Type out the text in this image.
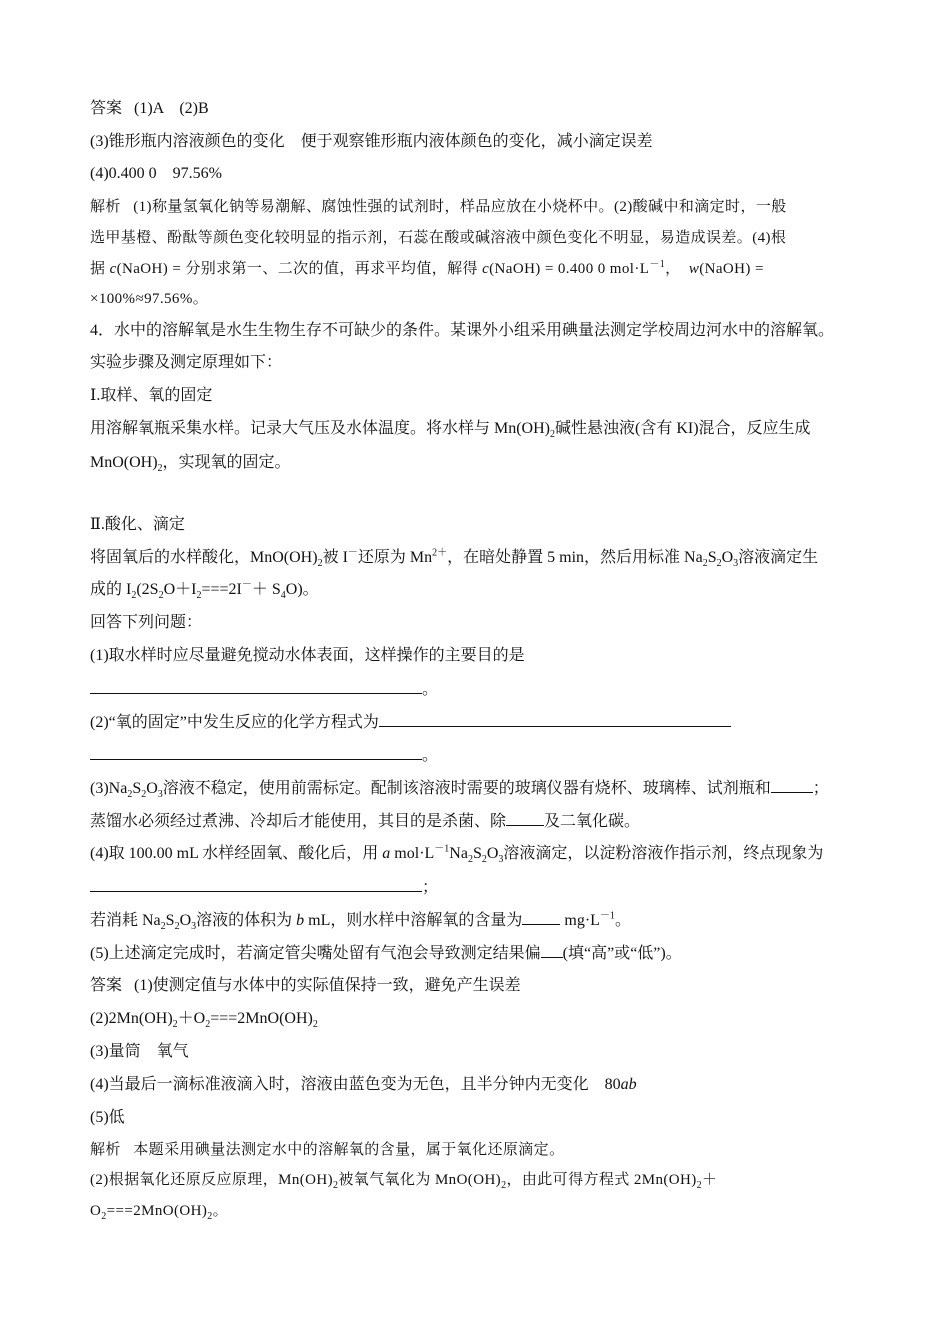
答案 (1)A　(2)B
(3)锥形瓶内溶液颜色的变化　便于观察锥形瓶内液体颜色的变化，减小滴定误差
(4)0.400 0　97.56%
解析 (1)称量氢氧化钠等易潮解、腐蚀性强的试剂时，样品应放在小烧杯中。(2)酸碱中和滴定时，一般
选甲基橙、酚酞等颜色变化较明显的指示剂，石蕊在酸或碱溶液中颜色变化不明显，易造成误差。(4)根
据 c(NaOH) = 分别求第一、二次的值，再求平均值，解得 c(NaOH) = 0.400 0 $mol\cdot L^{-1}$， w(NaOH) =
×100%≈97.56%。
4．水中的溶解氧是水生生物生存不可缺少的条件。某课外小组采用碘量法测定学校周边河水中的溶解氧。
实验步骤及测定原理如下：
Ⅰ.取样、氧的固定
用溶解氧瓶采集水样。记录大气压及水体温度。将水样与 $Mn(OH)_2$碱性悬浊液(含有 KI)混合，反应生成
$MnO(OH)_2$，实现氧的固定。
Ⅱ.酸化、滴定
将固氧后的水样酸化，$MnO(OH)_2$被 I－还原为 $Mn^{2+}$，在暗处静置 5 min，然后用标准 $Na_2S_2O_3$溶液滴定生
成的 $I_2(2S_2O+I_2===2I^-+ S_4O)$。
回答下列问题：
(1)取水样时应尽量避免搅动水体表面，这样操作的主要目的是
。
(2)“氧的固定”中发生反应的化学方程式为
。
$(3)Na_2S_2O_3$溶液不稳定，使用前需标定。配制该溶液时需要的玻璃仪器有烧杯、玻璃棒、试剂瓶和	；
蒸馏水必须经过煮沸、冷却后才能使用，其目的是杀菌、除 及二氧化碳。
(4)取 100.00 mL 水样经固氧、酸化后，用 a $mol\cdot L^{-1}Na_2S_2O_3$溶液滴定，以淀粉溶液作指示剂，终点现象为
；
若消耗 $Na_2S_2O_3$溶液的体积为 b mL，则水样中溶解氧的含量为 $mg\cdot L^{-1}$。
(5)上述滴定完成时，若滴定管尖嘴处留有气泡会导致测定结果偏 (填“高”或“低”)。
答案 (1)使测定值与水体中的实际值保持一致，避免产生误差
$(2)2Mn(OH)_2+O_2===2MnO(OH)_2$
(3)量筒　氧气
(4)当最后一滴标准液滴入时，溶液由蓝色变为无色，且半分钟内无变化　80ab
(5)低
解析 本题采用碘量法测定水中的溶解氧的含量，属于氧化还原滴定。
(2)根据氧化还原反应原理，$Mn(OH)_2$被氧气氧化为 $MnO(OH)_2$，由此可得方程式 $2Mn(OH)_2+$
$O_2===2MnO(OH)_2$。
